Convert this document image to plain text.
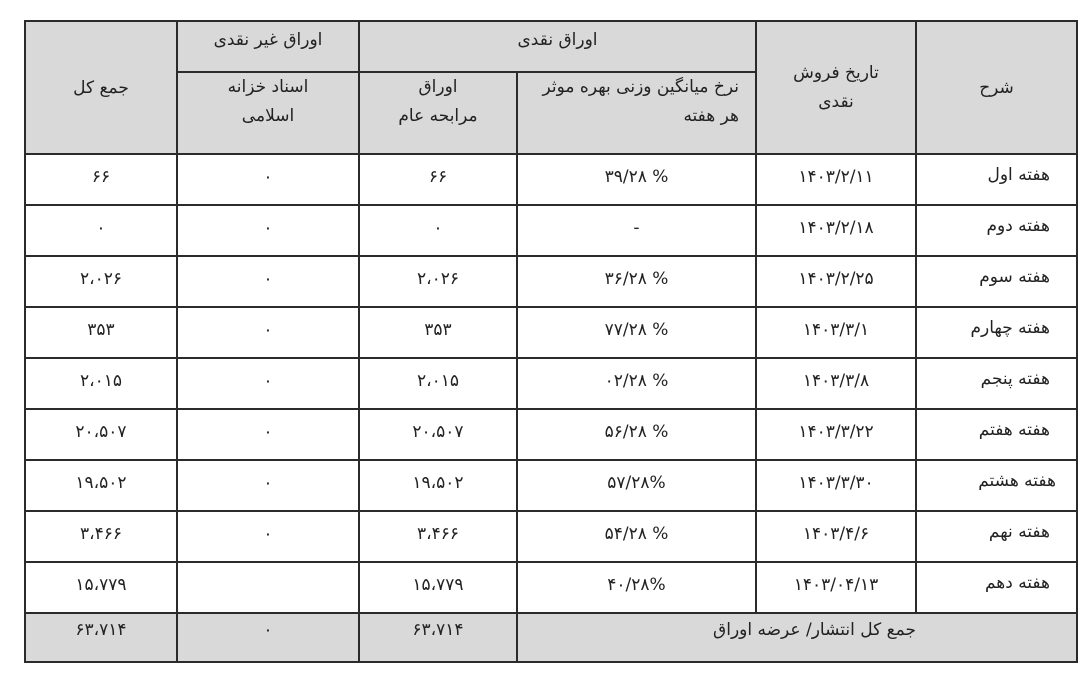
جمع کل	اوراق غیر نقدی	اوراق نقدی		تاریخ فروش نقدی	شرح

	اسناد خزانه اسلامی	اوراق مرابحه عام	نرخ میانگین وزنی بهره موثر هر هفته		

۶۶	۰	۶۶	% ۳۹/۲۸	۱۴۰۳/۲/۱۱	هفته اول

۰	۰	۰	-	۱۴۰۳/۲/۱۸	هفته دوم

۲،۰۲۶	۰	۲،۰۲۶	% ۳۶/۲۸	۱۴۰۳/۲/۲۵	هفته سوم

۳۵۳	۰	۳۵۳	% ۷۷/۲۸	۱۴۰۳/۳/۱	هفته چهارم

۲،۰۱۵	۰	۲،۰۱۵	% ۰۲/۲۸	۱۴۰۳/۳/۸	هفته پنجم

۲۰،۵۰۷	۰	۲۰،۵۰۷	% ۵۶/۲۸	۱۴۰۳/۳/۲۲	هفته هفتم

۱۹،۵۰۲	۰	۱۹،۵۰۲	۵۷/۲۸%	۱۴۰۳/۳/۳۰	هفته هشتم

۳،۴۶۶	۰	۳،۴۶۶	% ۵۴/۲۸	۱۴۰۳/۴/۶	هفته نهم

۱۵،۷۷۹		۱۵،۷۷۹	۴۰/۲۸%	۱۴۰۳/۰۴/۱۳	هفته دهم

۶۳،۷۱۴	۰	۶۳،۷۱۴	جمع کل انتشار/ عرضه اوراق		
